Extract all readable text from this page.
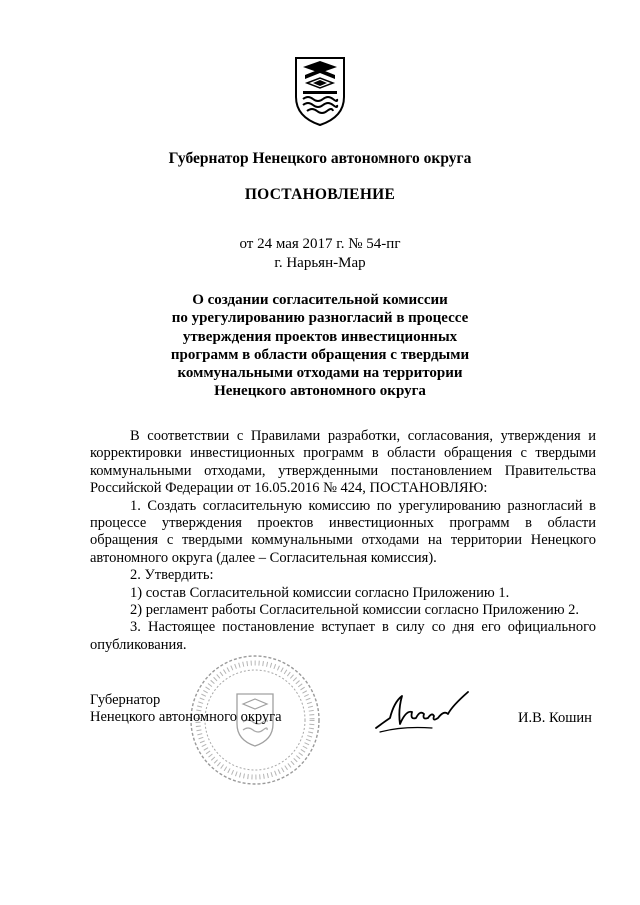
Губернатор Ненецкого автономного округа
ПОСТАНОВЛЕНИЕ
от 24 мая 2017 г. № 54-пг
г. Нарьян-Мар
О создании согласительной комиссии
по урегулированию разногласий в процессе
утверждения проектов инвестиционных
программ в области обращения с твердыми
коммунальными отходами на территории
Ненецкого автономного округа

В соответствии с Правилами разработки, согласования, утверждения и корректировки инвестиционных программ в области обращения с твердыми коммунальными отходами, утвержденными постановлением Правительства Российской Федерации от 16.05.2016 № 424, ПОСТАНОВЛЯЮ:

1. Создать согласительную комиссию по урегулированию разногласий в процессе утверждения проектов инвестиционных программ в области обращения с твердыми коммунальными отходами на территории Ненецкого автономного округа (далее – Согласительная комиссия).

2. Утвердить:

1) состав Согласительной комиссии согласно Приложению 1.

2) регламент работы Согласительной комиссии согласно Приложению 2.

3. Настоящее постановление вступает в силу со дня его официального опубликования.

Губернатор
Ненецкого автономного округа	И.В. Кошин
